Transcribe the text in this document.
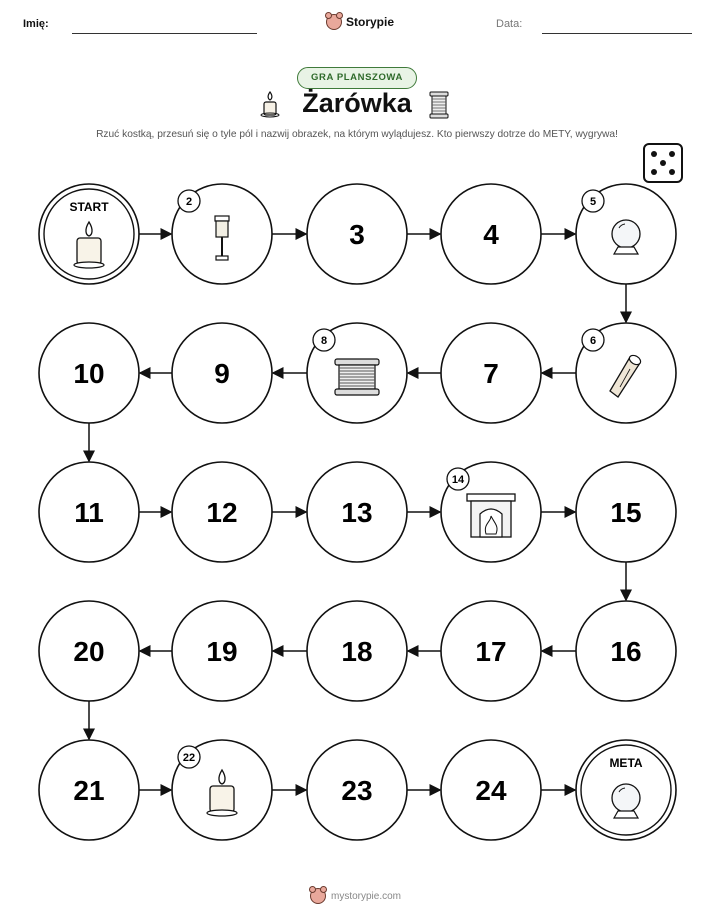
Imię:	Storypie	Data:
GRA PLANSZOWA
Żarówka
Rzuć kostką, przesuń się o tyle pól i nazwij obrazek, na którym wylądujesz. Kto pierwszy dotrze do METY, wygrywa!
START	2
3	4
5
6
7
8
9
10
11	12	13
14
15
16
17
18
19
20
21
22
23	24
META
mystorypie.com
